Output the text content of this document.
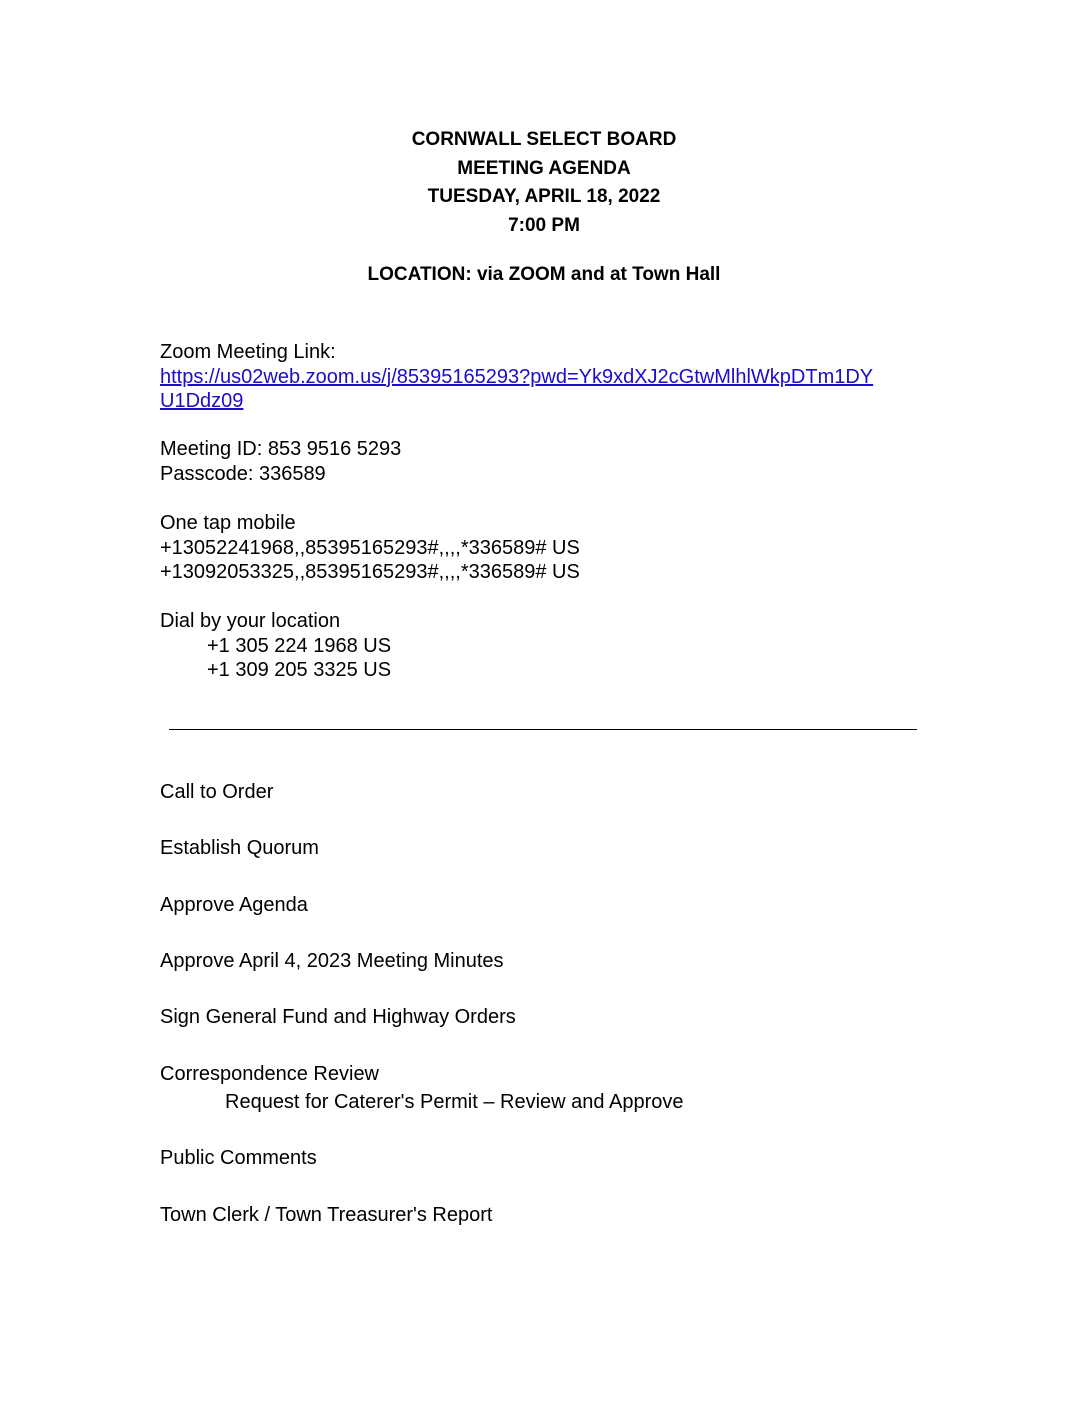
CORNWALL SELECT BOARD
MEETING AGENDA
TUESDAY, APRIL 18, 2022
7:00 PM
LOCATION: via ZOOM and at Town Hall
Zoom Meeting Link:
https://us02web.zoom.us/j/85395165293?pwd=Yk9xdXJ2cGtwMlhlWkpDTm1DY
U1Ddz09
Meeting ID: 853 9516 5293
Passcode: 336589
One tap mobile
+13052241968,,85395165293#,,,,*336589# US
+13092053325,,85395165293#,,,,*336589# US
Dial by your location
+1 305 224 1968 US
+1 309 205 3325 US
Call to Order
Establish Quorum
Approve Agenda
Approve April 4, 2023 Meeting Minutes
Sign General Fund and Highway Orders
Correspondence Review
Request for Caterer's Permit – Review and Approve
Public Comments
Town Clerk / Town Treasurer's Report
